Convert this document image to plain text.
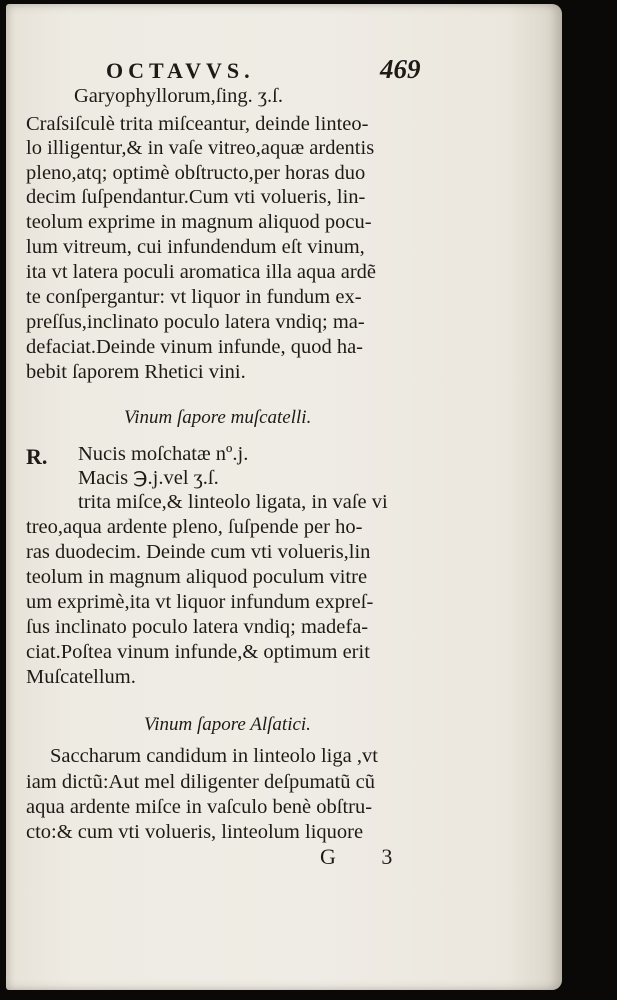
OCTAVVS.	469
Garyophyllorum,ſing. ʒ.ſ.
Craſsiſculè trita miſceantur, deinde linteo-
lo illigentur,& in vaſe vitreo,aquæ ardentis
pleno,atq; optimè obſtructo,per horas duo
decim ſuſpendantur.Cum vti volueris, lin-
teolum exprime in magnum aliquod pocu-
lum vitreum, cui infundendum eſt vinum,
ita vt latera poculi aromatica illa aqua ardẽ
te conſpergantur: vt liquor in fundum ex-
preſſus,inclinato poculo latera vndiq; ma-
defaciat.Deinde vinum infunde, quod ha-
bebit ſaporem Rhetici vini.
Vinum ſapore muſcatelli.
R. Nucis moſchatæ nº.j.
Macis ℈.j.vel ʒ.ſ.
trita miſce,& linteolo ligata, in vaſe vi
treo,aqua ardente pleno, ſuſpende per ho-
ras duodecim. Deinde cum vti volueris,lin
teolum in magnum aliquod poculum vitre
um exprimè,ita vt liquor infundum expreſ-
ſus inclinato poculo latera vndiq; madefa-
ciat.Poſtea vinum infunde,& optimum erit
Muſcatellum.
Vinum ſapore Alſatici.
Saccharum candidum in linteolo liga ,vt
iam dictũ:Aut mel diligenter deſpumatũ cũ
aqua ardente miſce in vaſculo benè obſtru-
cto:& cum vti volueris, linteolum liquore
G 3
